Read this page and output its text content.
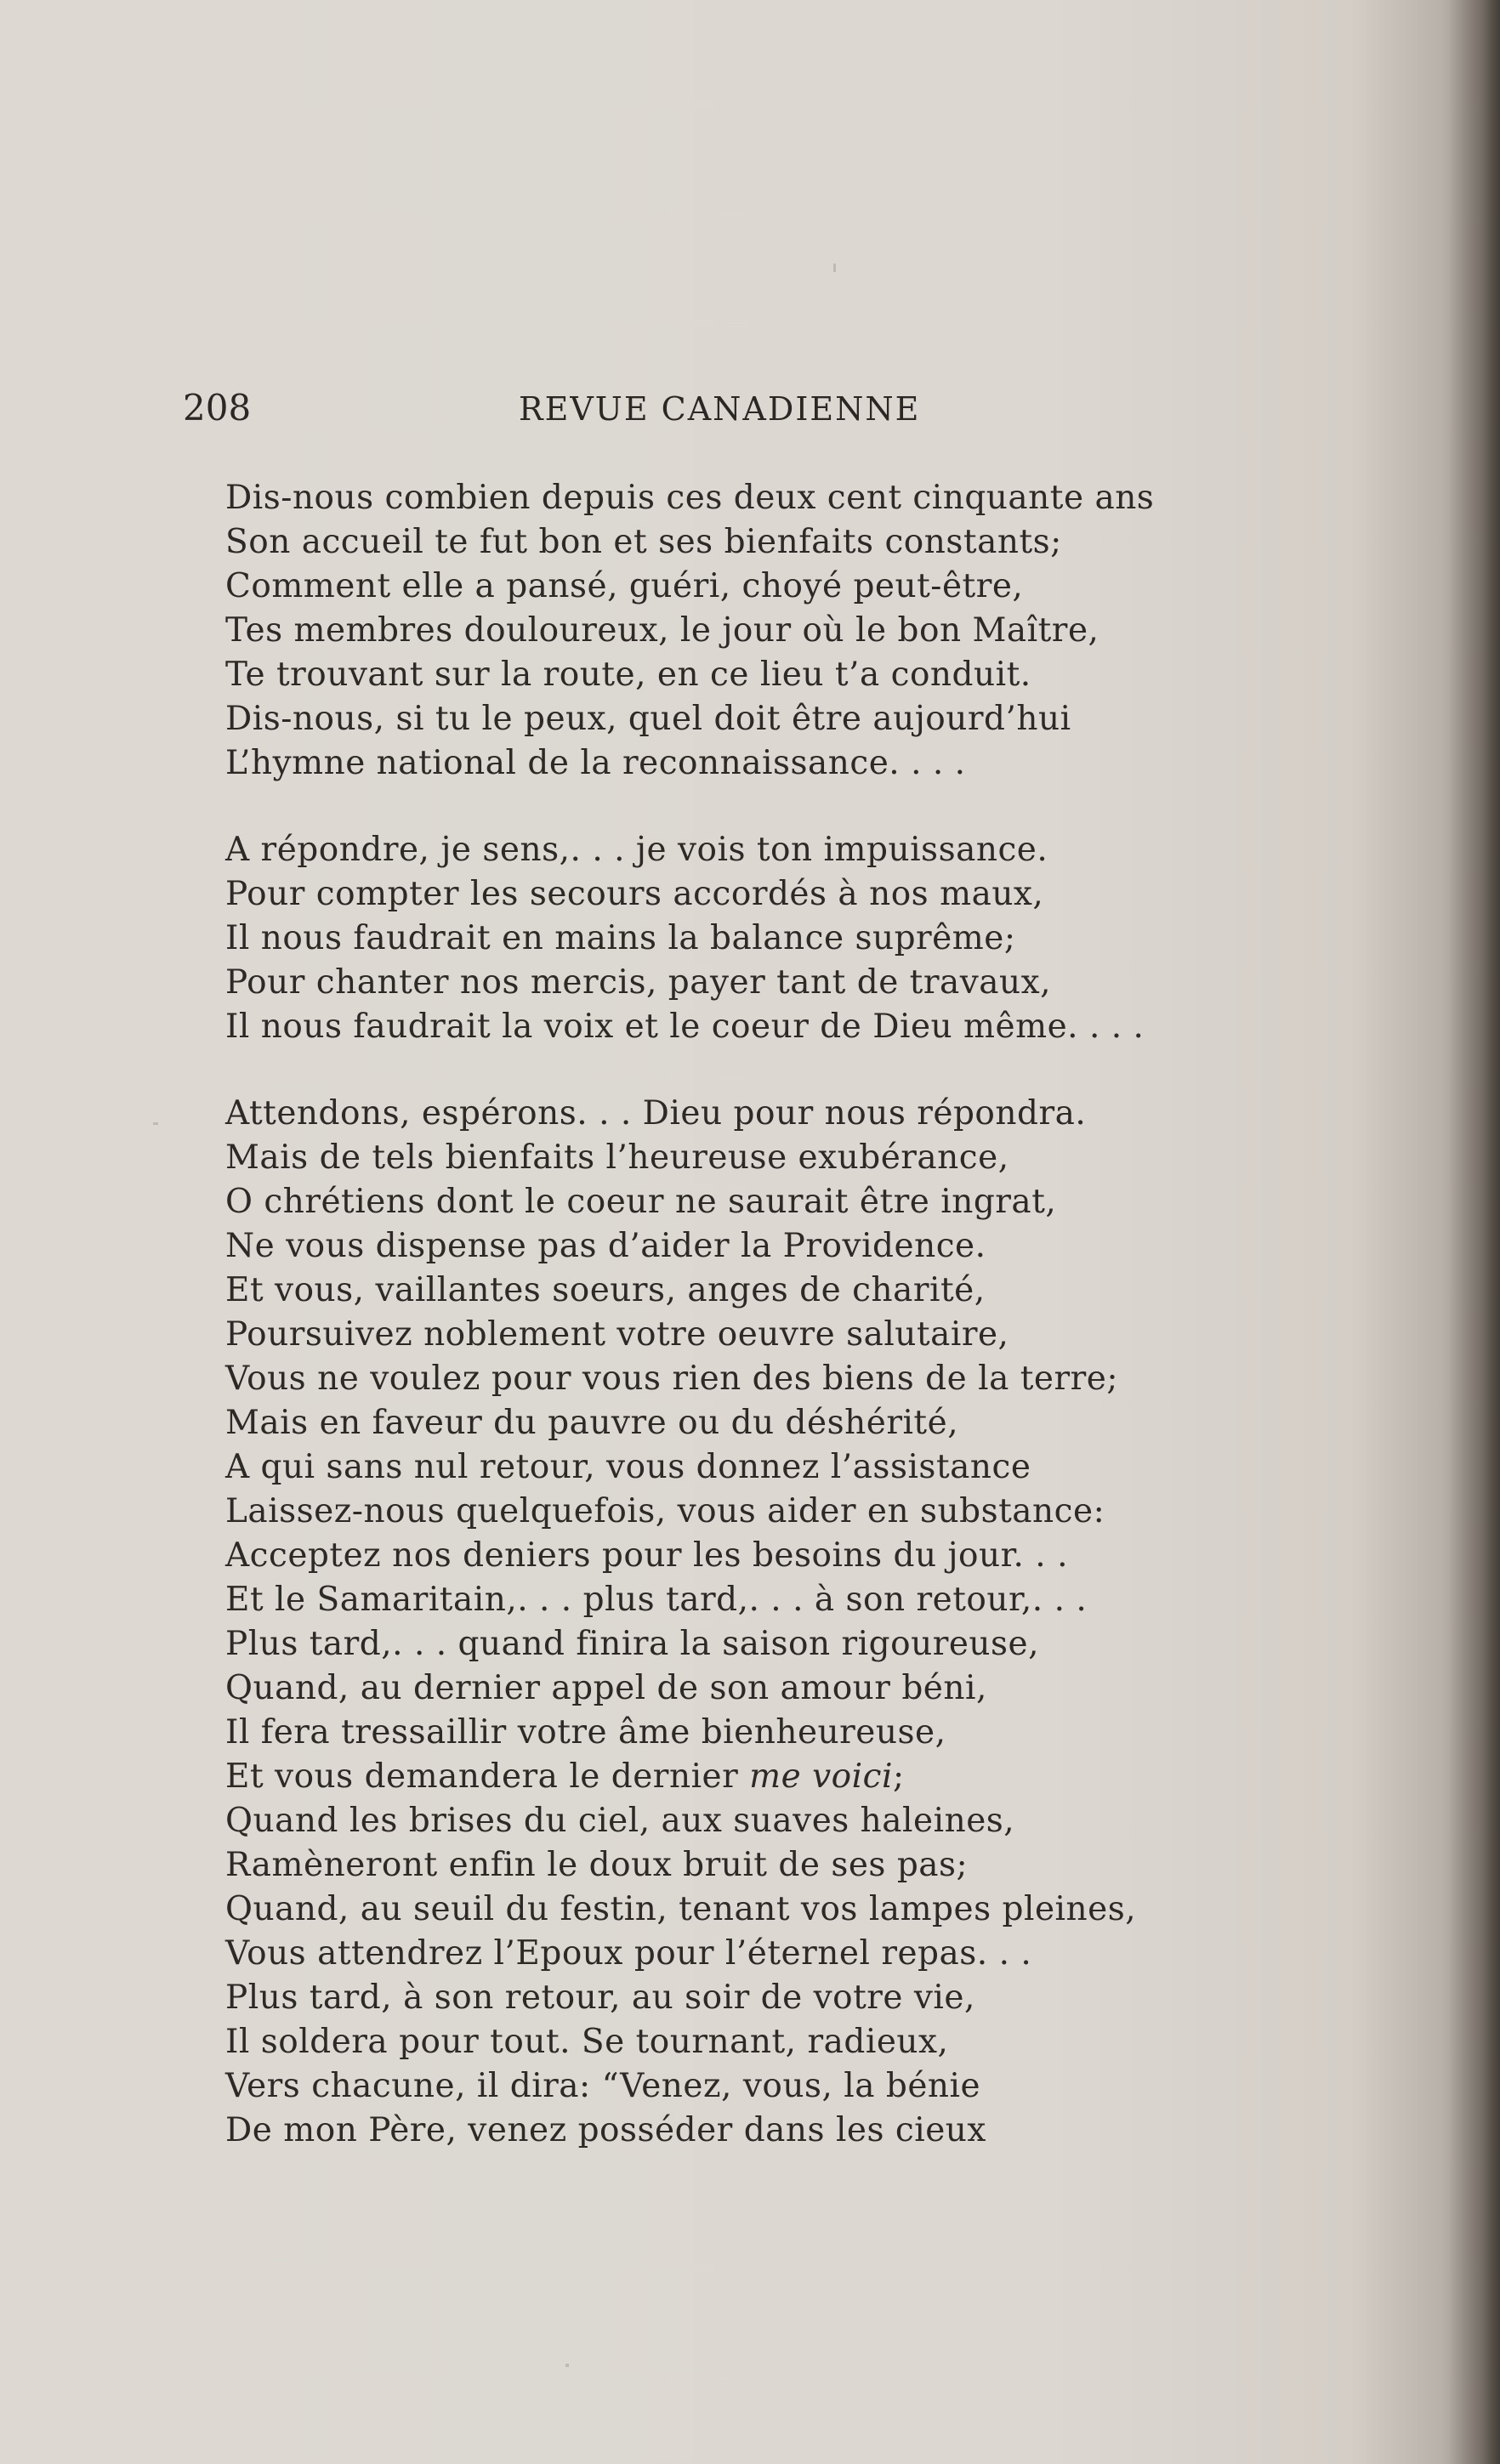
208	REVUE CANADIENNE
Dis-nous combien depuis ces deux cent cinquante ans
Son accueil te fut bon et ses bienfaits constants;
Comment elle a pansé, guéri, choyé peut-être,
Tes membres douloureux, le jour où le bon Maître,
Te trouvant sur la route, en ce lieu t’a conduit.
Dis-nous, si tu le peux, quel doit être aujourd’hui
L’hymne national de la reconnaissance. . . .
A répondre, je sens,. . . je vois ton impuissance.
Pour compter les secours accordés à nos maux,
Il nous faudrait en mains la balance suprême;
Pour chanter nos mercis, payer tant de travaux,
Il nous faudrait la voix et le coeur de Dieu même. . . .
Attendons, espérons. . . Dieu pour nous répondra.
Mais de tels bienfaits l’heureuse exubérance,
O chrétiens dont le coeur ne saurait être ingrat,
Ne vous dispense pas d’aider la Providence.
Et vous, vaillantes soeurs, anges de charité,
Poursuivez noblement votre oeuvre salutaire,
Vous ne voulez pour vous rien des biens de la terre;
Mais en faveur du pauvre ou du déshérité,
A qui sans nul retour, vous donnez l’assistance
Laissez-nous quelquefois, vous aider en substance:
Acceptez nos deniers pour les besoins du jour. . .
Et le Samaritain,. . . plus tard,. . . à son retour,. . .
Plus tard,. . . quand finira la saison rigoureuse,
Quand, au dernier appel de son amour béni,
Il fera tressaillir votre âme bienheureuse,
Et vous demandera le dernier me voici;
Quand les brises du ciel, aux suaves haleines,
Ramèneront enfin le doux bruit de ses pas;
Quand, au seuil du festin, tenant vos lampes pleines,
Vous attendrez l’Epoux pour l’éternel repas. . .
Plus tard, à son retour, au soir de votre vie,
Il soldera pour tout. Se tournant, radieux,
Vers chacune, il dira: “Venez, vous, la bénie
De mon Père, venez posséder dans les cieux
